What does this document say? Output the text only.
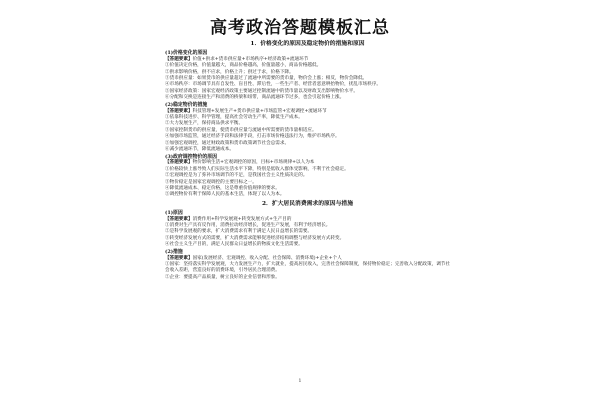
高考政治答题模板汇总
1．价格变化的原因及稳定物价的措施和原因
(1)价格变化的原因

【答题要素】价值+供求+货币供应量+市场秩序+经济政策+流通环节

①价值决定价格，价值量越大，商品价格越高，价值量越小，商品价格越低。

②供求影响价格，供不应求，价格上升；供过于求，价格下降。

③货币供应量：如果货币的供应量超过了流通中所需要的货币量，物价会上涨；相反，物价会降低。

④市场秩序：市场调节具有自发性、盲目性、滞后性，一些生产者、经营者恶意哄抬物价，扰乱市场秩序。

⑤国家经济政策：国家宏观经济政策主要通过控制流通中的货币量以及财政支出影响物价水平。

⑥分配和交换是连接生产和消费的桥梁和纽带，商品流通环节过多，也会引起价格上涨。

(2)稳定物价的措施

【答题要素】科技管理+发展生产+货币供应量+市场监管+宏观调控+流通环节

①依靠科技进步、科学管理，提高社会劳动生产率，降低生产成本。

②大力发展生产，保持商品供求平衡。

③国家控制货币的供应量，使货币供应量与流通中所需要的货币量相适应。

④加强市场监管，通过经济手段和法律手段，打击市场价格违法行为，维护市场秩序。

⑤加强宏观调控，通过财政政策和货币政策调节社会总需求。

⑥减少流通环节，降低流通成本。

(3)政府调控物价的原因

【答题要素】物价影响生活+宏观调控的原因，目标+市场规律+以人为本

①价格较快上涨导致人们实际生活水平下降，特别是低收入群体受影响，不利于社会稳定。

②宏观调控是为了弥补市场调节的不足，是我国社会主义性质决定的。

③物价稳定是国家宏观调控的主要目标之一。

④降低流通成本、稳定价格，这是尊重价值规律的要求。

⑤调控物价有利于保障人民的基本生活，体现了以人为本。

2．扩大居民消费需求的原因与措施
(1)原因

【答题要素】消费作用+科学发展观+转变发展方式+生产目的

①消费对生产具有反作用，消费拉动经济增长，促进生产发展，有利于经济增长。

②是科学发展观的要求，扩大消费需求有利于满足人民日益增长的需要。

③转变经济发展方式的需要，扩大消费需求能够促进经济结构调整与经济发展方式转变。

④社会主义生产目的，满足人民群众日益增长的物质文化生活需要。

(2)措施

【答题要素】国家(发展经济、宏观调控、收入分配、社会保障、消费环境)+企业+个人

①国家：坚持落实科学发展观，大力发展生产力，扩大就业，提高居民收入，完善社会保障制度，保持物价稳定；完善收入分配政策，调节社会收入差距，营造良好的消费环境，引导居民合理消费。

②企业：要提高产品质量，树立良好的企业信誉和形象。

1
